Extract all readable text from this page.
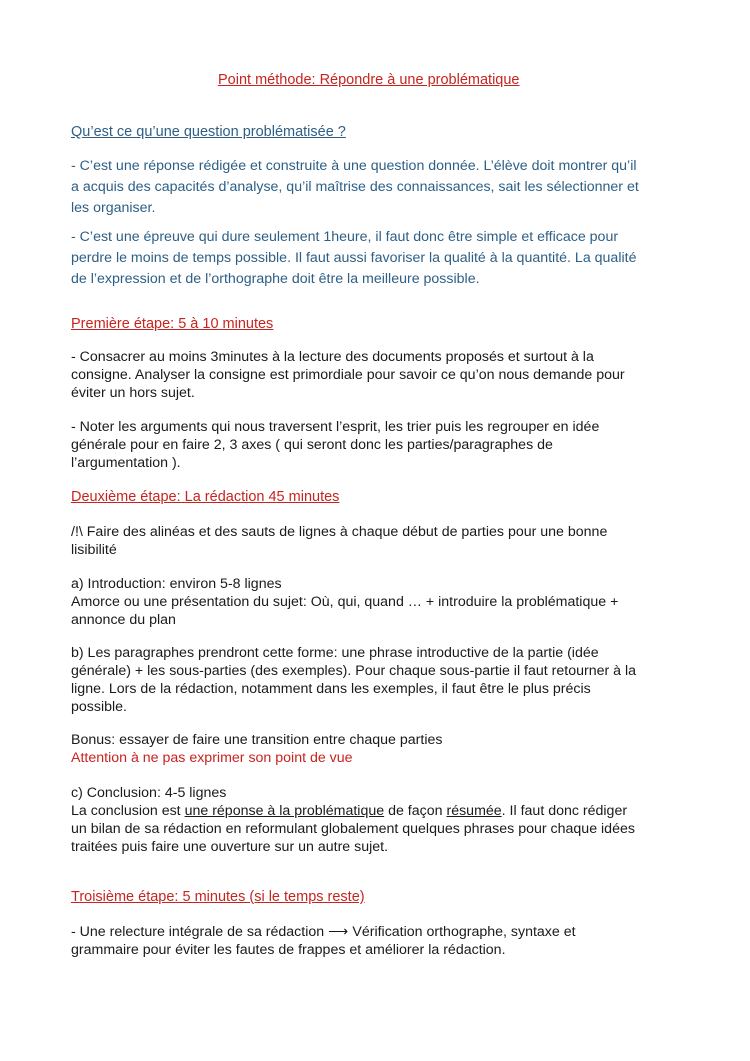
Point méthode: Répondre à une problématique
Qu’est ce qu’une question problématisée ?
- C’est une réponse rédigée et construite à une question donnée. L’élève doit montrer qu’il
a acquis des capacités d’analyse, qu’il maîtrise des connaissances, sait les sélectionner et
les organiser.
- C’est une épreuve qui dure seulement 1heure, il faut donc être simple et efficace pour
perdre le moins de temps possible. Il faut aussi favoriser la qualité à la quantité. La qualité
de l’expression et de l’orthographe doit être la meilleure possible.
Première étape: 5 à 10 minutes
- Consacrer au moins 3minutes à la lecture des documents proposés et surtout à la
consigne. Analyser la consigne est primordiale pour savoir ce qu’on nous demande pour
éviter un hors sujet.
- Noter les arguments qui nous traversent l’esprit, les trier puis les regrouper en idée
générale pour en faire 2, 3 axes ( qui seront donc les parties/paragraphes de
l’argumentation ).
Deuxième étape: La rédaction 45 minutes
/!\ Faire des alinéas et des sauts de lignes à chaque début de parties pour une bonne
lisibilité
a) Introduction: environ 5-8 lignes
Amorce ou une présentation du sujet: Où, qui, quand … + introduire la problématique +
annonce du plan
b) Les paragraphes prendront cette forme: une phrase introductive de la partie (idée
générale) + les sous-parties (des exemples). Pour chaque sous-partie il faut retourner à la
ligne. Lors de la rédaction, notamment dans les exemples, il faut être le plus précis
possible.
Bonus: essayer de faire une transition entre chaque parties
Attention à ne pas exprimer son point de vue
c) Conclusion: 4-5 lignes
La conclusion est une réponse à la problématique de façon résumée. Il faut donc rédiger
un bilan de sa rédaction en reformulant globalement quelques phrases pour chaque idées
traitées puis faire une ouverture sur un autre sujet.
Troisième étape: 5 minutes (si le temps reste)
- Une relecture intégrale de sa rédaction ⟶ Vérification orthographe, syntaxe et
grammaire pour éviter les fautes de frappes et améliorer la rédaction.
